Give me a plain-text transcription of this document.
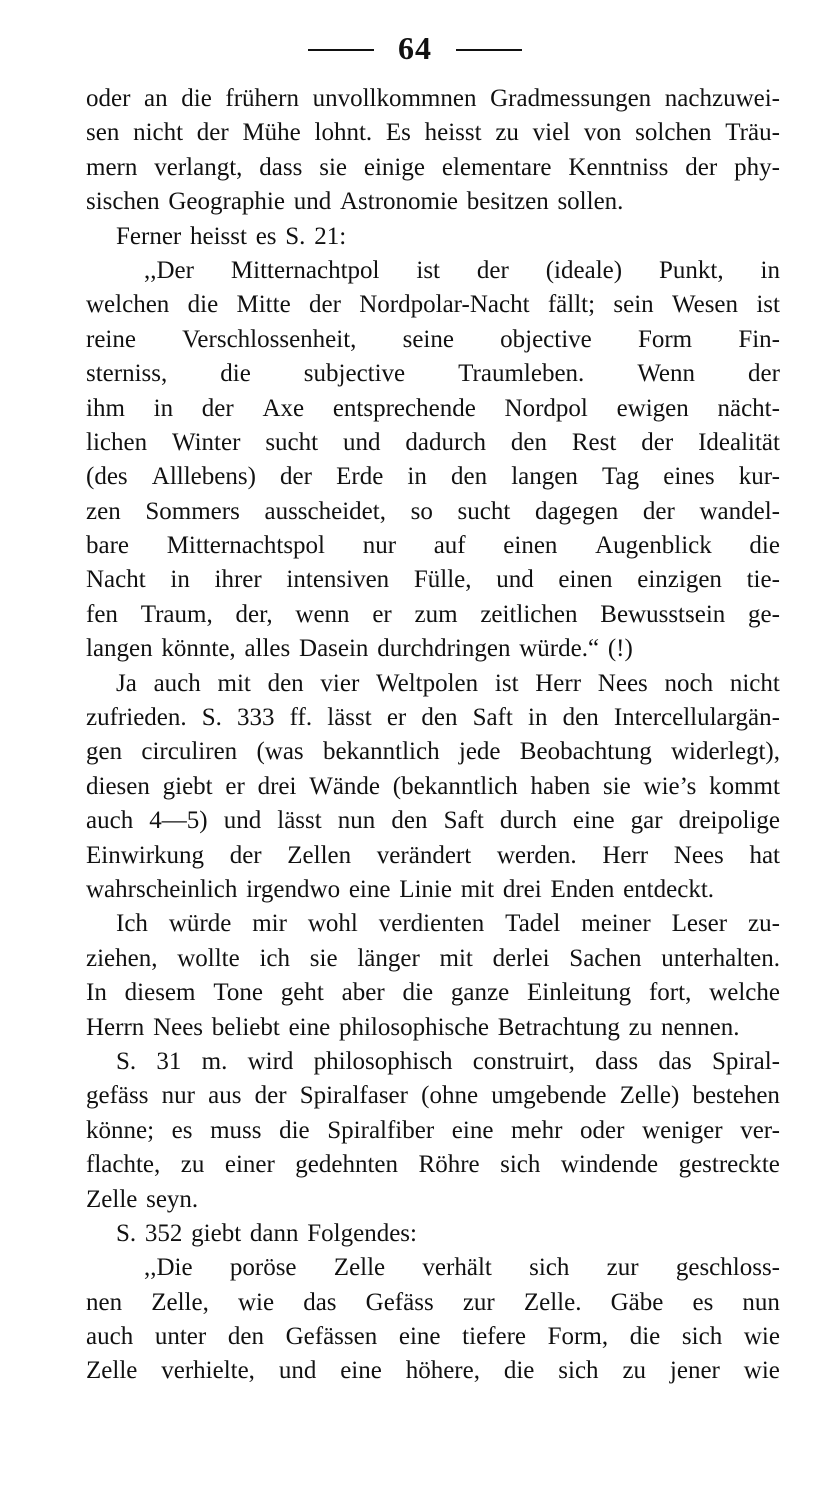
64
oder an die frühern unvollkommnen Gradmessungen nachzuwei-
sen nicht der Mühe lohnt. Es heisst zu viel von solchen Träu-
mern verlangt, dass sie einige elementare Kenntniss der phy-
sischen Geographie und Astronomie besitzen sollen.
Ferner heisst es S. 21:
,,Der Mitternachtpol ist der (ideale) Punkt, in
welchen die Mitte der Nordpolar-Nacht fällt; sein Wesen ist
reine Verschlossenheit, seine objective Form Fin-
sterniss, die subjective Traumleben. Wenn der
ihm in der Axe entsprechende Nordpol ewigen nächt-
lichen Winter sucht und dadurch den Rest der Idealität
(des Alllebens) der Erde in den langen Tag eines kur-
zen Sommers ausscheidet, so sucht dagegen der wandel-
bare Mitternachtspol nur auf einen Augenblick die
Nacht in ihrer intensiven Fülle, und einen einzigen tie-
fen Traum, der, wenn er zum zeitlichen Bewusstsein ge-
langen könnte, alles Dasein durchdringen würde.“ (!)
Ja auch mit den vier Weltpolen ist Herr Nees noch nicht
zufrieden. S. 333 ff. lässt er den Saft in den Intercellulargän-
gen circuliren (was bekanntlich jede Beobachtung widerlegt),
diesen giebt er drei Wände (bekanntlich haben sie wie’s kommt
auch 4—5) und lässt nun den Saft durch eine gar dreipolige
Einwirkung der Zellen verändert werden. Herr Nees hat
wahrscheinlich irgendwo eine Linie mit drei Enden entdeckt.
Ich würde mir wohl verdienten Tadel meiner Leser zu-
ziehen, wollte ich sie länger mit derlei Sachen unterhalten.
In diesem Tone geht aber die ganze Einleitung fort, welche
Herrn Nees beliebt eine philosophische Betrachtung zu nennen.
S. 31 m. wird philosophisch construirt, dass das Spiral-
gefäss nur aus der Spiralfaser (ohne umgebende Zelle) bestehen
könne; es muss die Spiralfiber eine mehr oder weniger ver-
flachte, zu einer gedehnten Röhre sich windende gestreckte
Zelle seyn.
S. 352 giebt dann Folgendes:
,,Die poröse Zelle verhält sich zur geschloss-
nen Zelle, wie das Gefäss zur Zelle. Gäbe es nun
auch unter den Gefässen eine tiefere Form, die sich wie
Zelle verhielte, und eine höhere, die sich zu jener wie
